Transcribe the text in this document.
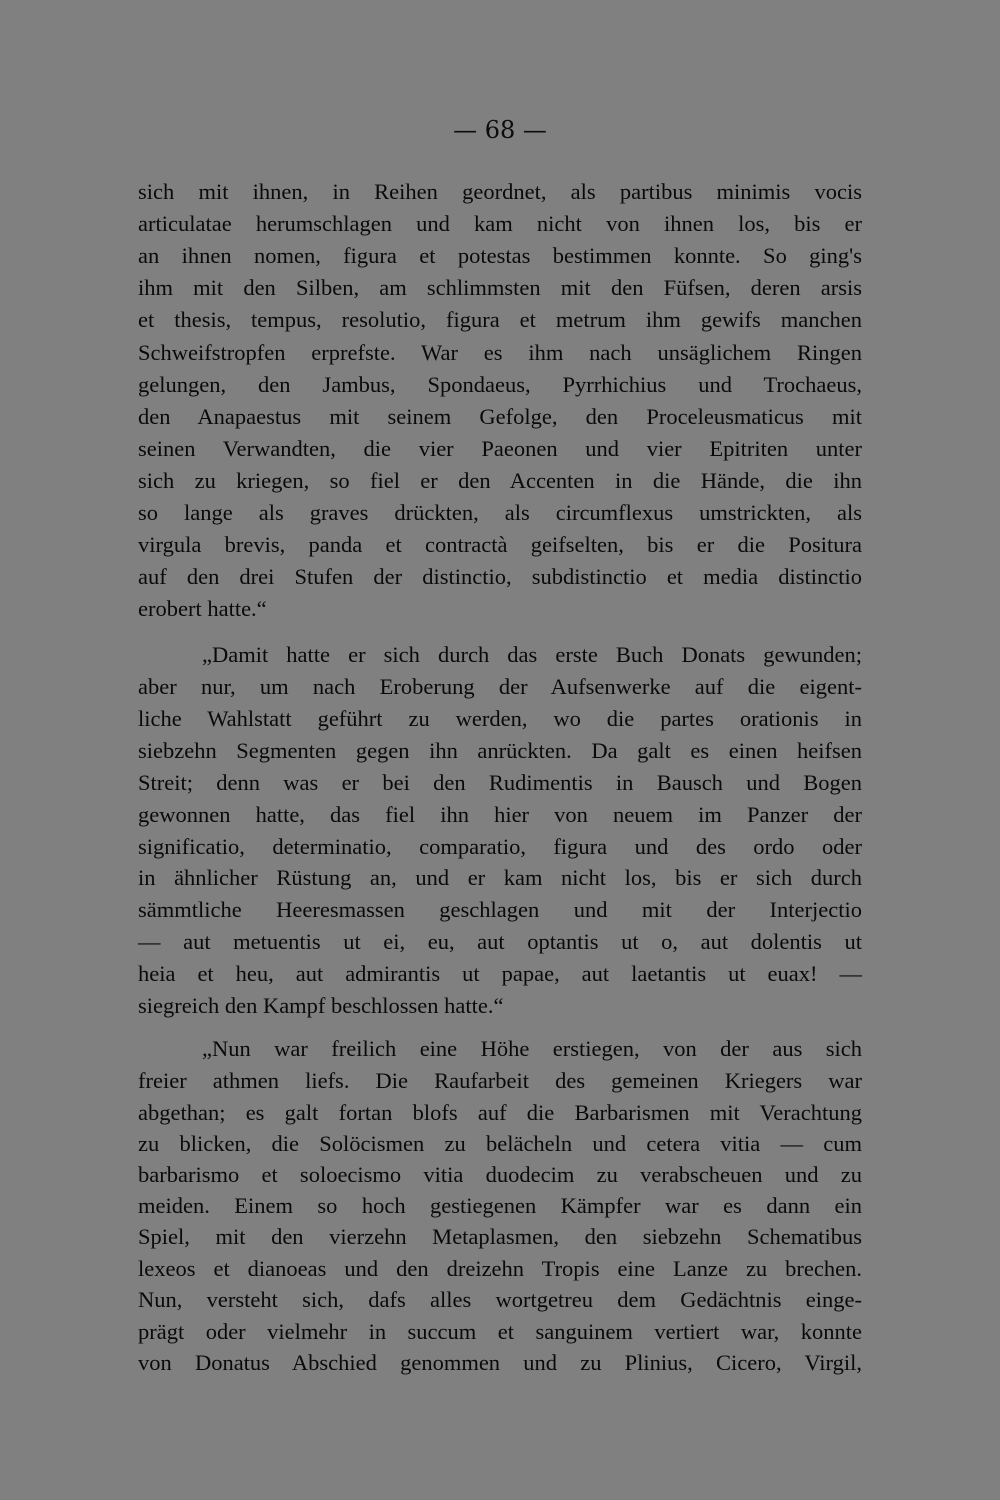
— 68 —
sich mit ihnen, in Reihen geordnet, als partibus minimis vocis
articulatae herumschlagen und kam nicht von ihnen los, bis er
an ihnen nomen, figura et potestas bestimmen konnte. So ging's
ihm mit den Silben, am schlimmsten mit den Füfsen, deren arsis
et thesis, tempus, resolutio, figura et metrum ihm gewifs manchen
Schweifstropfen erprefste. War es ihm nach unsäglichem Ringen
gelungen, den Jambus, Spondaeus, Pyrrhichius und Trochaeus,
den Anapaestus mit seinem Gefolge, den Proceleusmaticus mit
seinen Verwandten, die vier Paeonen und vier Epitriten unter
sich zu kriegen, so fiel er den Accenten in die Hände, die ihn
so lange als graves drückten, als circumflexus umstrickten, als
virgula brevis, panda et contractà geifselten, bis er die Positura
auf den drei Stufen der distinctio, subdistinctio et media distinctio
erobert hatte.“
„Damit hatte er sich durch das erste Buch Donats gewunden;
aber nur, um nach Eroberung der Aufsenwerke auf die eigent-
liche Wahlstatt geführt zu werden, wo die partes orationis in
siebzehn Segmenten gegen ihn anrückten. Da galt es einen heifsen
Streit; denn was er bei den Rudimentis in Bausch und Bogen
gewonnen hatte, das fiel ihn hier von neuem im Panzer der
significatio, determinatio, comparatio, figura und des ordo oder
in ähnlicher Rüstung an, und er kam nicht los, bis er sich durch
sämmtliche Heeresmassen geschlagen und mit der Interjectio
— aut metuentis ut ei, eu, aut optantis ut o, aut dolentis ut
heia et heu, aut admirantis ut papae, aut laetantis ut euax! —
siegreich den Kampf beschlossen hatte.“
„Nun war freilich eine Höhe erstiegen, von der aus sich
freier athmen liefs. Die Raufarbeit des gemeinen Kriegers war
abgethan; es galt fortan blofs auf die Barbarismen mit Verachtung
zu blicken, die Solöcismen zu belächeln und cetera vitia — cum
barbarismo et soloecismo vitia duodecim zu verabscheuen und zu
meiden. Einem so hoch gestiegenen Kämpfer war es dann ein
Spiel, mit den vierzehn Metaplasmen, den siebzehn Schematibus
lexeos et dianoeas und den dreizehn Tropis eine Lanze zu brechen.
Nun, versteht sich, dafs alles wortgetreu dem Gedächtnis einge-
prägt oder vielmehr in succum et sanguinem vertiert war, konnte
von Donatus Abschied genommen und zu Plinius, Cicero, Virgil,
